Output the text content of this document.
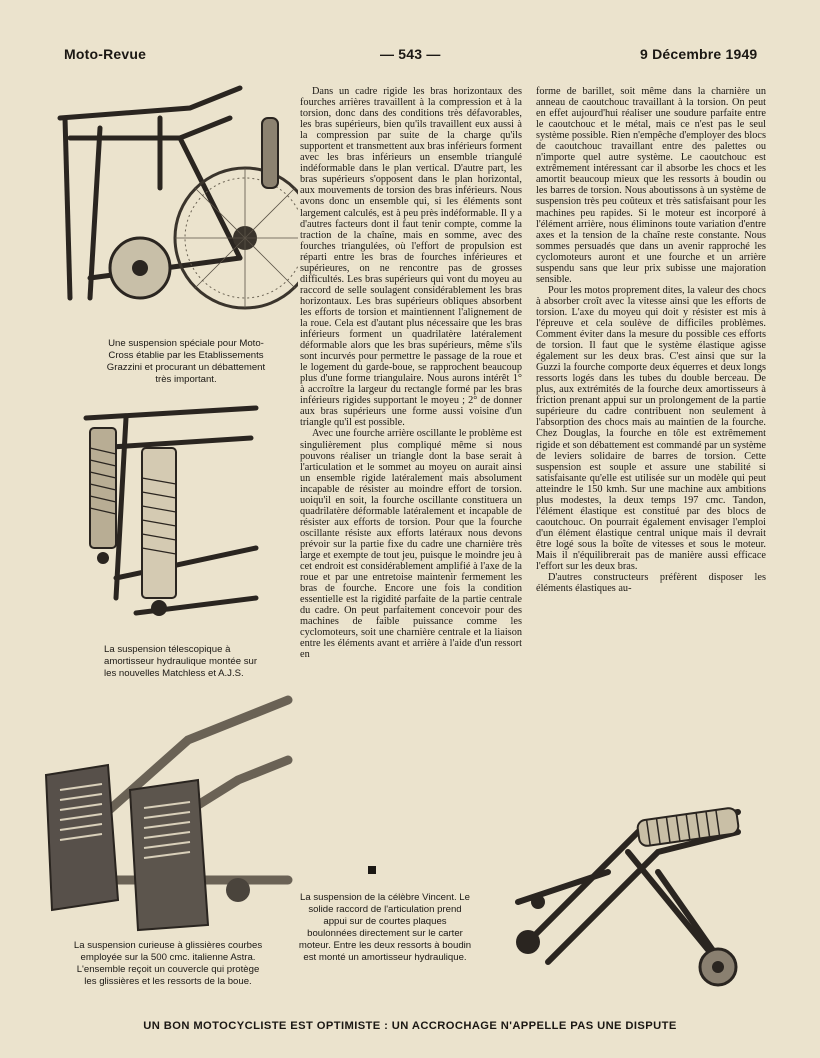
Moto-Revue	— 543 —	9 Décembre 1949
Une suspension spéciale pour Moto-Cross établie par les Etablissements Grazzini et procurant un débattement très important.
La suspension télescopique à amortisseur hydraulique montée sur les nouvelles Matchless et A.J.S.
La suspension curieuse à glissières courbes employée sur la 500 cmc. italienne Astra. L'ensemble reçoit un couvercle qui protège les glissières et les ressorts de la boue.

Dans un cadre rigide les bras horizontaux des fourches arrières travaillent à la compression et à la torsion, donc dans des conditions très défavorables, les bras supérieurs, bien qu'ils travaillent eux aussi à la compression par suite de la charge qu'ils supportent et transmettent aux bras inférieurs forment avec les bras inférieurs un ensemble triangulé indéformable dans le plan vertical. D'autre part, les bras supérieurs s'opposent dans le plan horizontal, aux mouvements de torsion des bras inférieurs. Nous avons donc un ensemble qui, si les éléments sont largement calculés, est à peu près indéformable. Il y a d'autres facteurs dont il faut tenir compte, comme la traction de la chaîne, mais en somme, avec des fourches triangulées, où l'effort de propulsion est réparti entre les bras de fourches inférieures et supérieures, on ne rencontre pas de grosses difficultés. Les bras supérieurs qui vont du moyeu au raccord de selle soulagent considérablement les bras horizontaux. Les bras supérieurs obliques absorbent les efforts de torsion et maintiennent l'alignement de la roue. Cela est d'autant plus nécessaire que les bras inférieurs forment un quadrilatère latéralement déformable alors que les bras supérieurs, même s'ils sont incurvés pour permettre le passage de la roue et le logement du garde-boue, se rapprochent beaucoup plus d'une forme triangulaire. Nous aurons intérêt 1° à accroître la largeur du rectangle formé par les bras inférieurs rigides supportant le moyeu ; 2° de donner aux bras supérieurs une forme aussi voisine d'un triangle qu'il est possible.

Avec une fourche arrière oscillante le problème est singulièrement plus compliqué même si nous pouvons réaliser un triangle dont la base serait à l'articulation et le sommet au moyeu on aurait ainsi un ensemble rigide latéralement mais absolument incapable de résister au moindre effort de torsion. uoiqu'il en soit, la fourche oscillante constituera un quadrilatère déformable latéralement et incapable de résister aux efforts de torsion. Pour que la fourche oscillante résiste aux efforts latéraux nous devons prévoir sur la partie fixe du cadre une charnière très large et exempte de tout jeu, puisque le moindre jeu à cet endroit est considérablement amplifié à l'axe de la roue et par une entretoise maintenir fermement les bras de fourche. Encore une fois la condition essentielle est la rigidité parfaite de la partie centrale du cadre. On peut parfaitement concevoir pour des machines de faible puissance comme les cyclomoteurs, soit une charnière centrale et la liaison entre les éléments avant et arrière à l'aide d'un ressort en

La suspension de la célèbre Vincent. Le solide raccord de l'articulation prend appui sur de courtes plaques boulonnées directement sur le carter moteur. Entre les deux ressorts à boudin est monté un amortisseur hydraulique.

forme de barillet, soit même dans la charnière un anneau de caoutchouc travaillant à la torsion. On peut en effet aujourd'hui réaliser une soudure parfaite entre le caoutchouc et le métal, mais ce n'est pas le seul système possible. Rien n'empêche d'employer des blocs de caoutchouc travaillant entre des palettes ou n'importe quel autre système. Le caoutchouc est extrêmement intéressant car il absorbe les chocs et les amortit beaucoup mieux que les ressorts à boudin ou les barres de torsion. Nous aboutissons à un système de suspension très peu coûteux et très satisfaisant pour les machines peu rapides. Si le moteur est incorporé à l'élément arrière, nous éliminons toute variation d'entre axes et la tension de la chaîne reste constante. Nous sommes persuadés que dans un avenir rapproché les cyclomoteurs auront et une fourche et un arrière suspendu sans que leur prix subisse une majoration sensible.

Pour les motos proprement dites, la valeur des chocs à absorber croît avec la vitesse ainsi que les efforts de torsion. L'axe du moyeu qui doit y résister est mis à l'épreuve et cela soulève de difficiles problèmes. Comment éviter dans la mesure du possible ces efforts de torsion. Il faut que le système élastique agisse également sur les deux bras. C'est ainsi que sur la Guzzi la fourche comporte deux équerres et deux longs ressorts logés dans les tubes du double berceau. De plus, aux extrémités de la fourche deux amortisseurs à friction prenant appui sur un prolongement de la partie supérieure du cadre contribuent non seulement à l'absorption des chocs mais au maintien de la fourche. Chez Douglas, la fourche en tôle est extrêmement rigide et son débattement est commandé par un système de leviers solidaire de barres de torsion. Cette suspension est souple et assure une stabilité si satisfaisante qu'elle est utilisée sur un modèle qui peut atteindre le 150 kmh. Sur une machine aux ambitions plus modestes, la deux temps 197 cmc. Tandon, l'élément élastique est constitué par des blocs de caoutchouc. On pourrait également envisager l'emploi d'un élément élastique central unique mais il devrait être logé sous la boîte de vitesses et sous le moteur. Mais il n'équilibrerait pas de manière aussi efficace l'effort sur les deux bras.

D'autres constructeurs préfèrent disposer les éléments élastiques au-

UN BON MOTOCYCLISTE EST OPTIMISTE : UN ACCROCHAGE N'APPELLE PAS UNE DISPUTE
